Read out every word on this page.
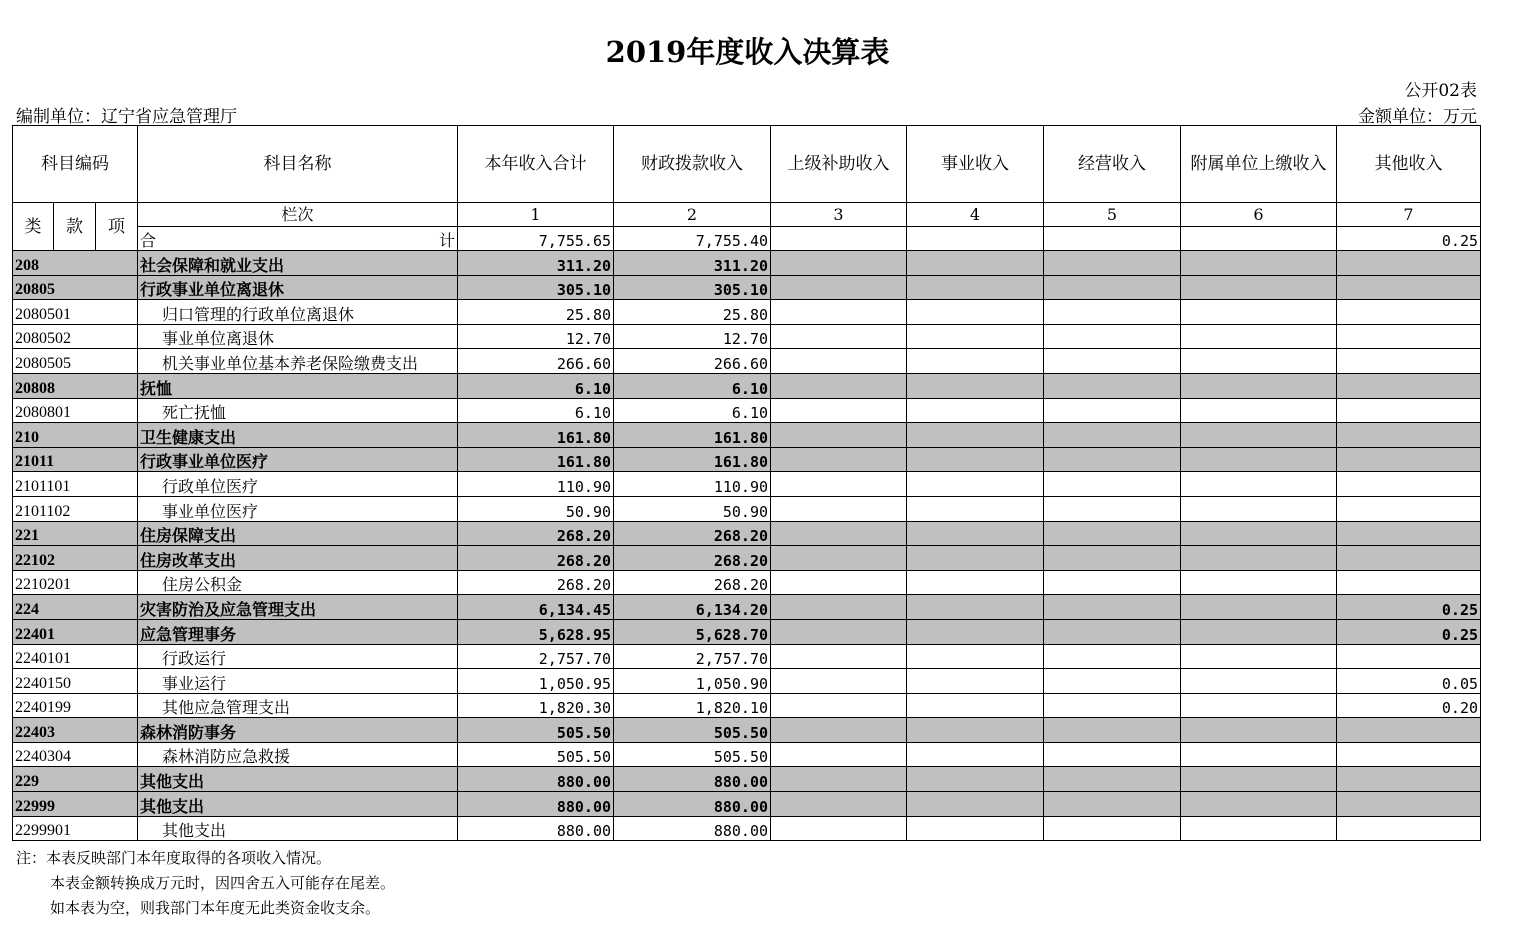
2019年度收入决算表
公开02表
编制单位：辽宁省应急管理厅	金额单位：万元
科目编码			科目名称	本年收入合计	财政拨款收入	上级补助收入	事业收入	经营收入	附属单位上缴收入	其他收入
类	款	项	栏次	1	2	3	4	5	6	7

			合 计	7,755.65	7,755.40					0.25
208			社会保障和就业支出	311.20	311.20					
20805			行政事业单位离退休	305.10	305.10					
2080501			归口管理的行政单位离退休	25.80	25.80					
2080502			事业单位离退休	12.70	12.70					
2080505			机关事业单位基本养老保险缴费支出	266.60	266.60					
20808			抚恤	6.10	6.10					
2080801			死亡抚恤	6.10	6.10					
210			卫生健康支出	161.80	161.80					
21011			行政事业单位医疗	161.80	161.80					
2101101			行政单位医疗	110.90	110.90					
2101102			事业单位医疗	50.90	50.90					
221			住房保障支出	268.20	268.20					
22102			住房改革支出	268.20	268.20					
2210201			住房公积金	268.20	268.20					
224			灾害防治及应急管理支出	6,134.45	6,134.20					0.25
22401			应急管理事务	5,628.95	5,628.70					0.25
2240101			行政运行	2,757.70	2,757.70					
2240150			事业运行	1,050.95	1,050.90					0.05
2240199			其他应急管理支出	1,820.30	1,820.10					0.20
22403			森林消防事务	505.50	505.50					
2240304			森林消防应急救援	505.50	505.50					
229			其他支出	880.00	880.00					
22999			其他支出	880.00	880.00					
2299901			其他支出	880.00	880.00					
注：本表反映部门本年度取得的各项收入情况。
本表金额转换成万元时，因四舍五入可能存在尾差。
如本表为空，则我部门本年度无此类资金收支余。
